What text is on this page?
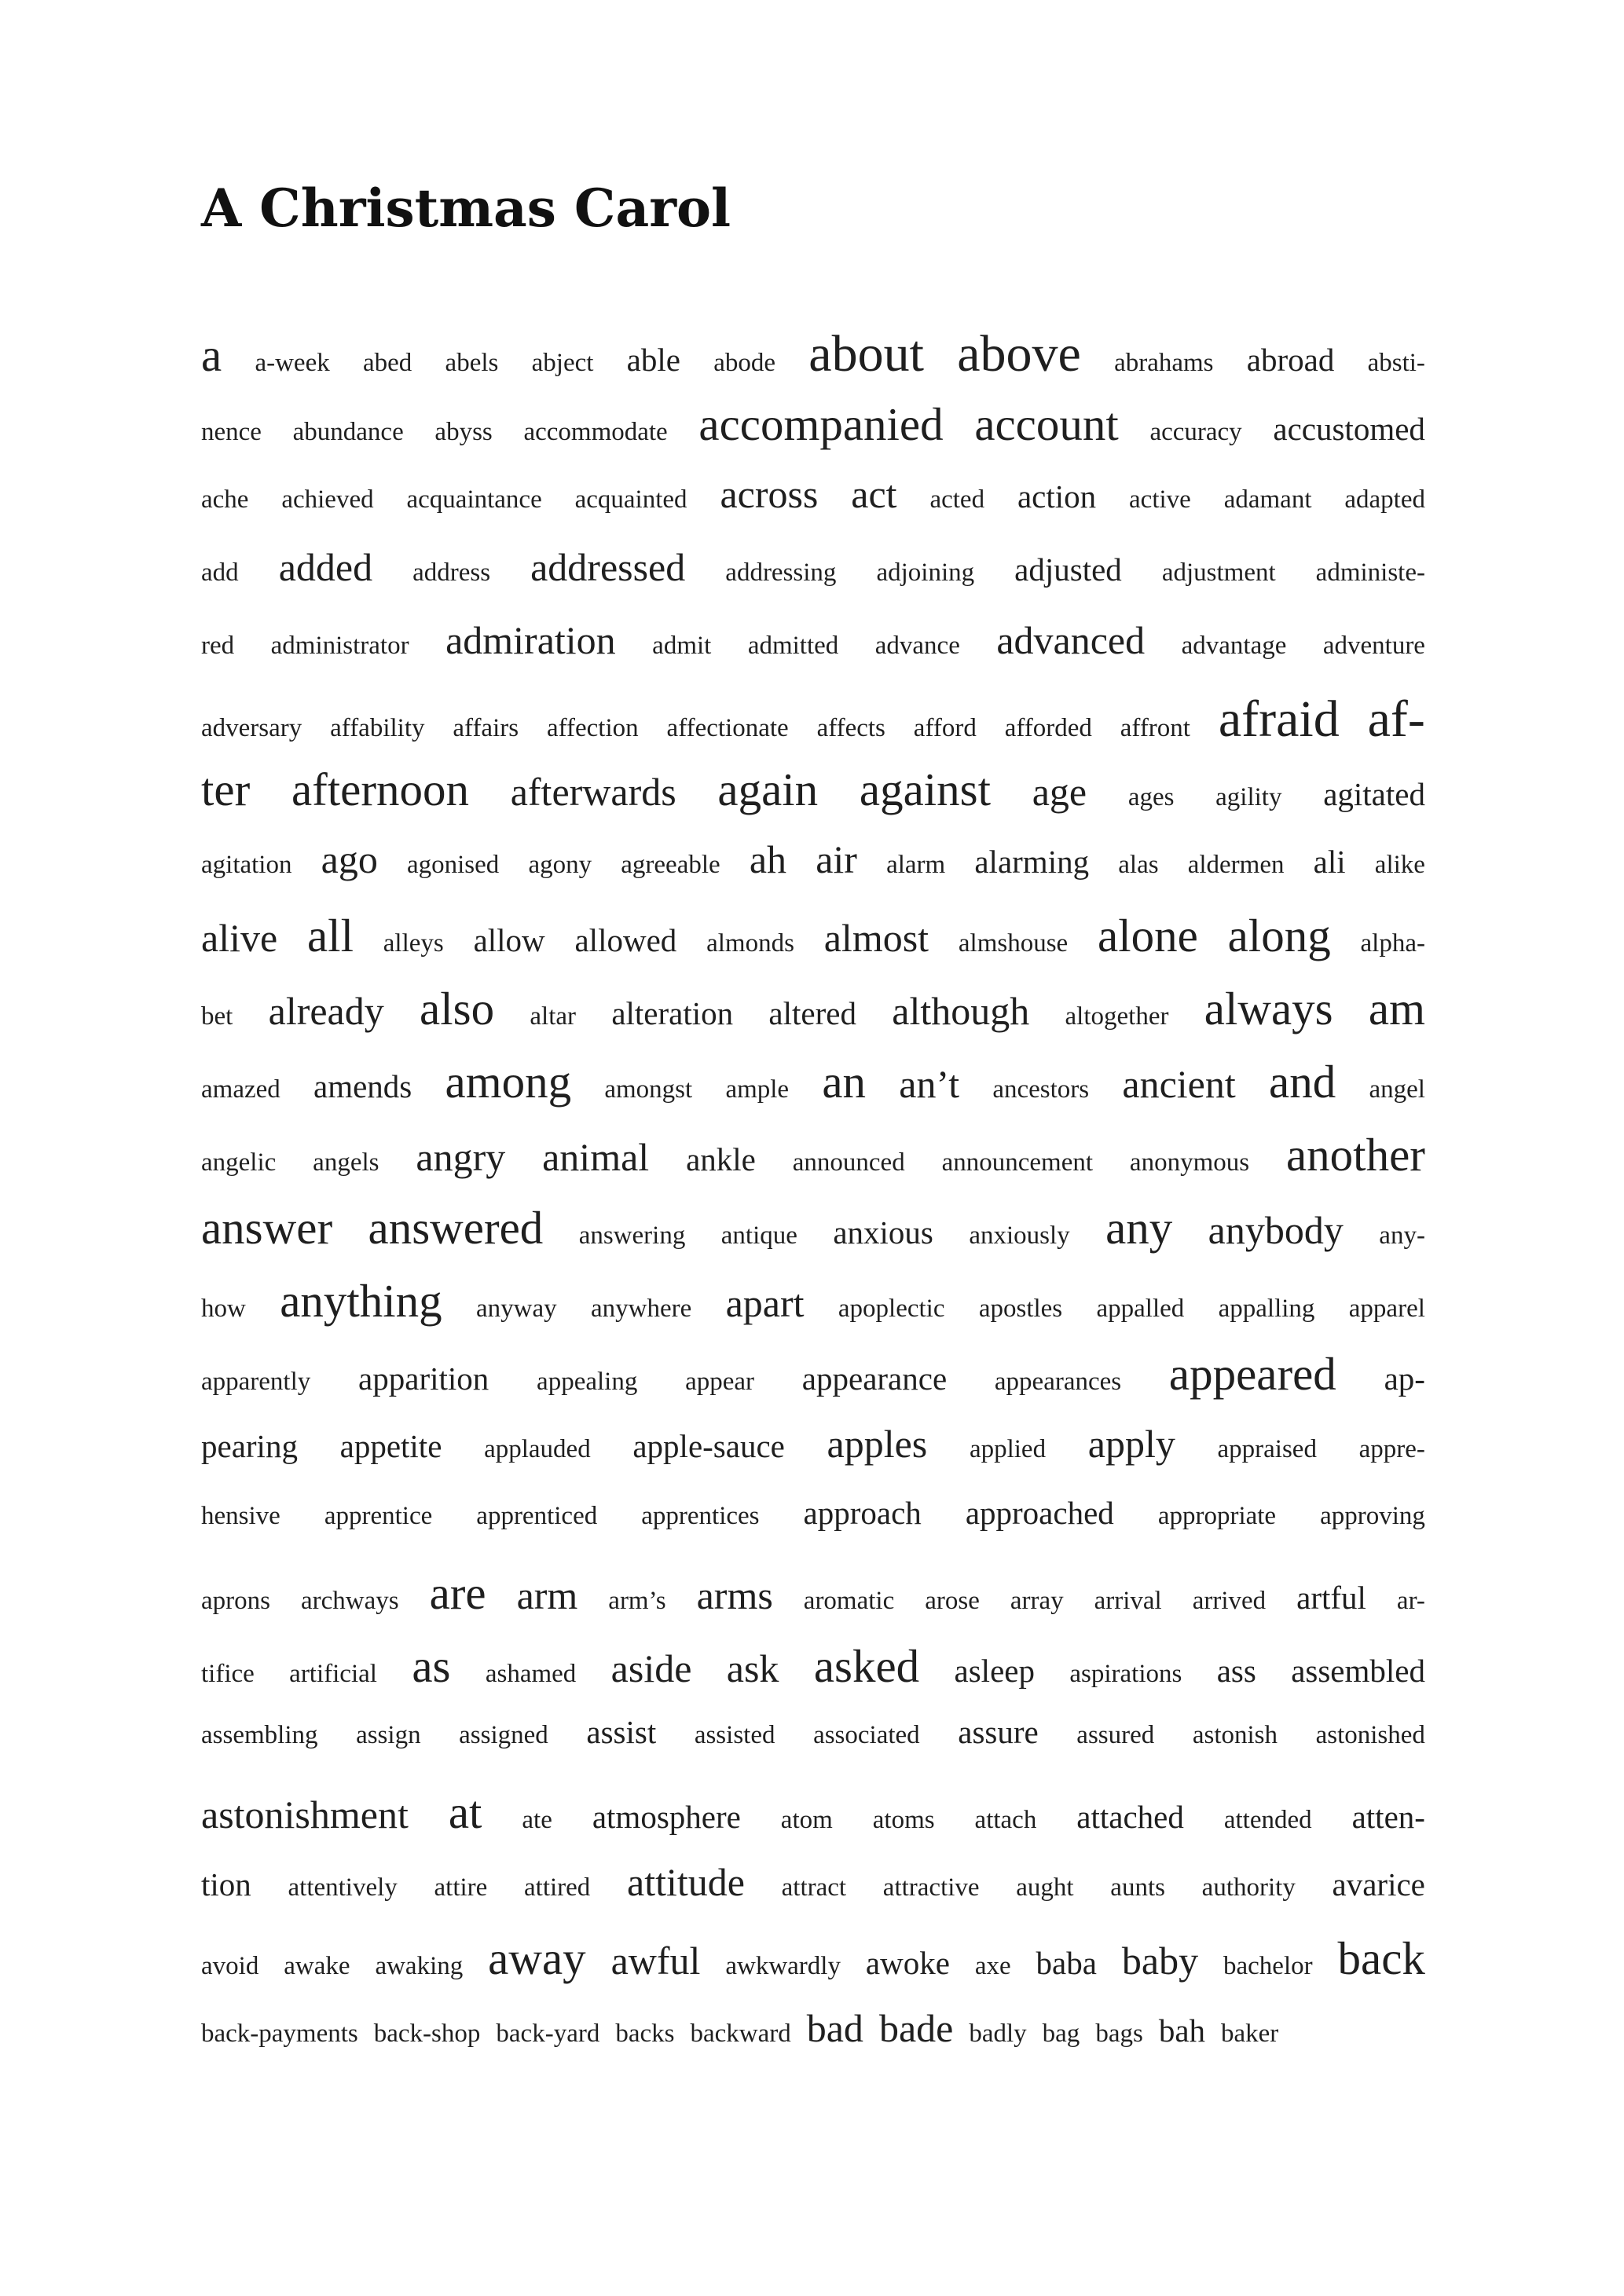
A Christmas Carol
a a-week abed abels abject able abode about above abrahams abroad absti-
nence abundance abyss accommodate accompanied account accuracy accustomed
ache achieved acquaintance acquainted across act acted action active adamant adapted
add added address addressed addressing adjoining adjusted adjustment administe-
red administrator admiration admit admitted advance advanced advantage adventure
adversary affability affairs affection affectionate affects afford afforded affront afraid af-
ter afternoon afterwards again against age ages agility agitated
agitation ago agonised agony agreeable ah air alarm alarming alas aldermen ali alike
alive all alleys allow allowed almonds almost almshouse alone along alpha-
bet already also altar alteration altered although altogether always am
amazed amends among amongst ample an an’t ancestors ancient and angel
angelic angels angry animal ankle announced announcement anonymous another
answer answered answering antique anxious anxiously any anybody any-
how anything anyway anywhere apart apoplectic apostles appalled appalling apparel
apparently apparition appealing appear appearance appearances appeared ap-
pearing appetite applauded apple-sauce apples applied apply appraised appre-
hensive apprentice apprenticed apprentices approach approached appropriate approving
aprons archways are arm arm’s arms aromatic arose array arrival arrived artful ar-
tifice artificial as ashamed aside ask asked asleep aspirations ass assembled
assembling assign assigned assist assisted associated assure assured astonish astonished
astonishment at ate atmosphere atom atoms attach attached attended atten-
tion attentively attire attired attitude attract attractive aught aunts authority avarice
avoid awake awaking away awful awkwardly awoke axe baba baby bachelor back
back-payments back-shop back-yard backs backward bad bade badly bag bags bah baker
